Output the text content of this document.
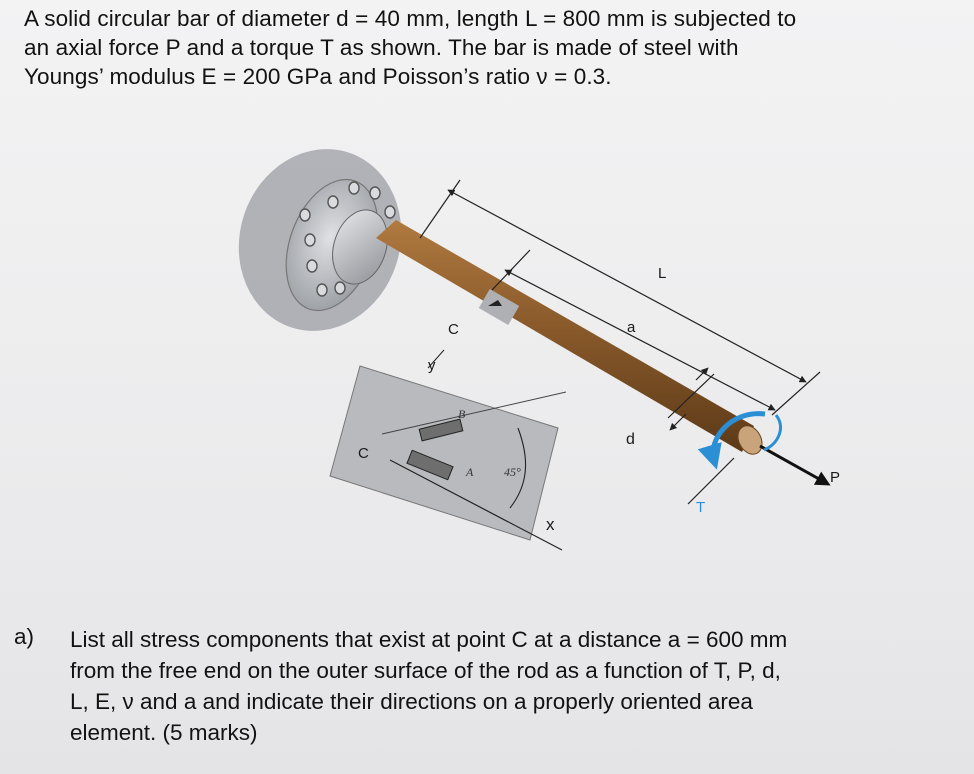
A solid circular bar of diameter d = 40 mm, length L = 800 mm is subjected to
an axial force P and a torque T as shown. The bar is made of steel with
Youngs’ modulus E = 200 GPa and Poisson’s ratio ν = 0.3.
L
a
d
C
C
y
x
T
P
B
A	45°
a) List all stress components that exist at point C at a distance a = 600 mm
from the free end on the outer surface of the rod as a function of T, P, d,
L, E, ν and a and indicate their directions on a properly oriented area
element. (5 marks)
